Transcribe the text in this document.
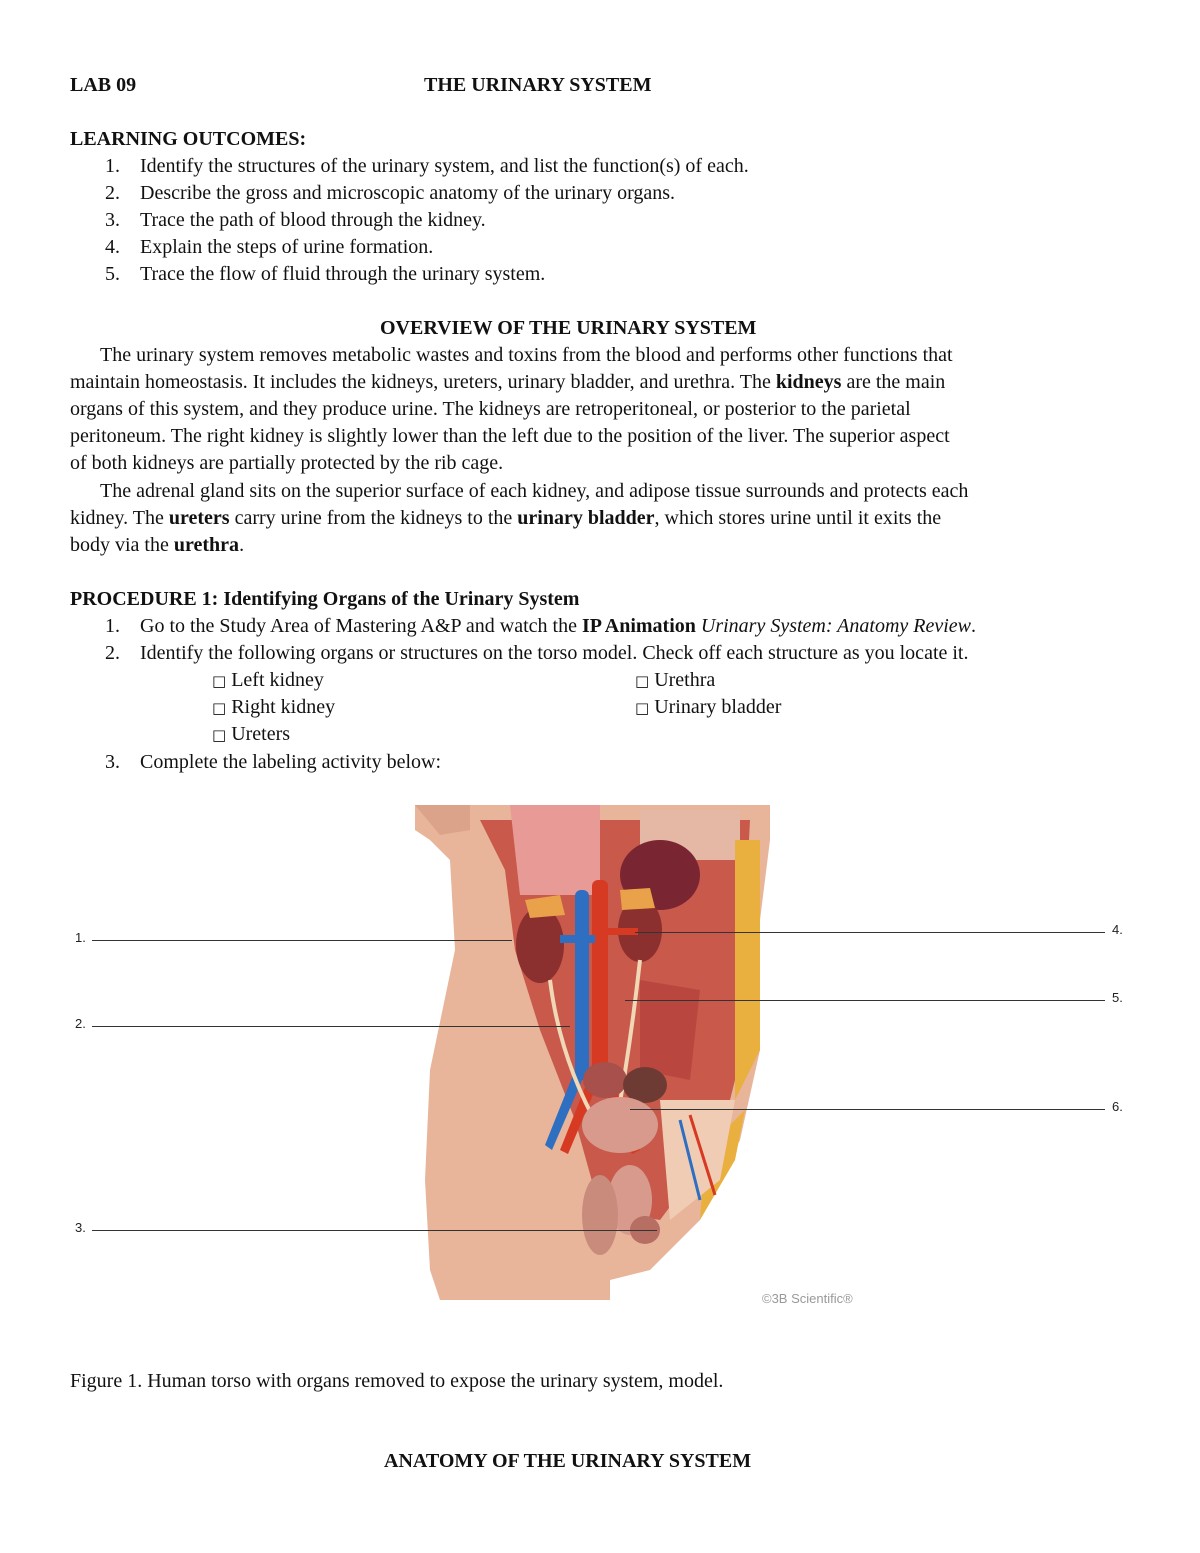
LAB 09	THE URINARY SYSTEM
LEARNING OUTCOMES:
1. Identify the structures of the urinary system, and list the function(s) of each.
2. Describe the gross and microscopic anatomy of the urinary organs.
3. Trace the path of blood through the kidney.
4. Explain the steps of urine formation.
5. Trace the flow of fluid through the urinary system.
OVERVIEW OF THE URINARY SYSTEM
The urinary system removes metabolic wastes and toxins from the blood and performs other functions that
maintain homeostasis. It includes the kidneys, ureters, urinary bladder, and urethra. The kidneys are the main
organs of this system, and they produce urine. The kidneys are retroperitoneal, or posterior to the parietal
peritoneum. The right kidney is slightly lower than the left due to the position of the liver. The superior aspect
of both kidneys are partially protected by the rib cage.
The adrenal gland sits on the superior surface of each kidney, and adipose tissue surrounds and protects each
kidney. The ureters carry urine from the kidneys to the urinary bladder, which stores urine until it exits the
body via the urethra.
PROCEDURE 1: Identifying Organs of the Urinary System
1. Go to the Study Area of Mastering A&P and watch the IP Animation Urinary System: Anatomy Review.
2. Identify the following organs or structures on the torso model. Check off each structure as you locate it.
□ Left kidney
□ Right kidney
□ Ureters
□ Urethra
□ Urinary bladder
3. Complete the labeling activity below:
1.
2.
3.
4.
5.
6.
©3B Scientific®
Figure 1. Human torso with organs removed to expose the urinary system, model.
ANATOMY OF THE URINARY SYSTEM
